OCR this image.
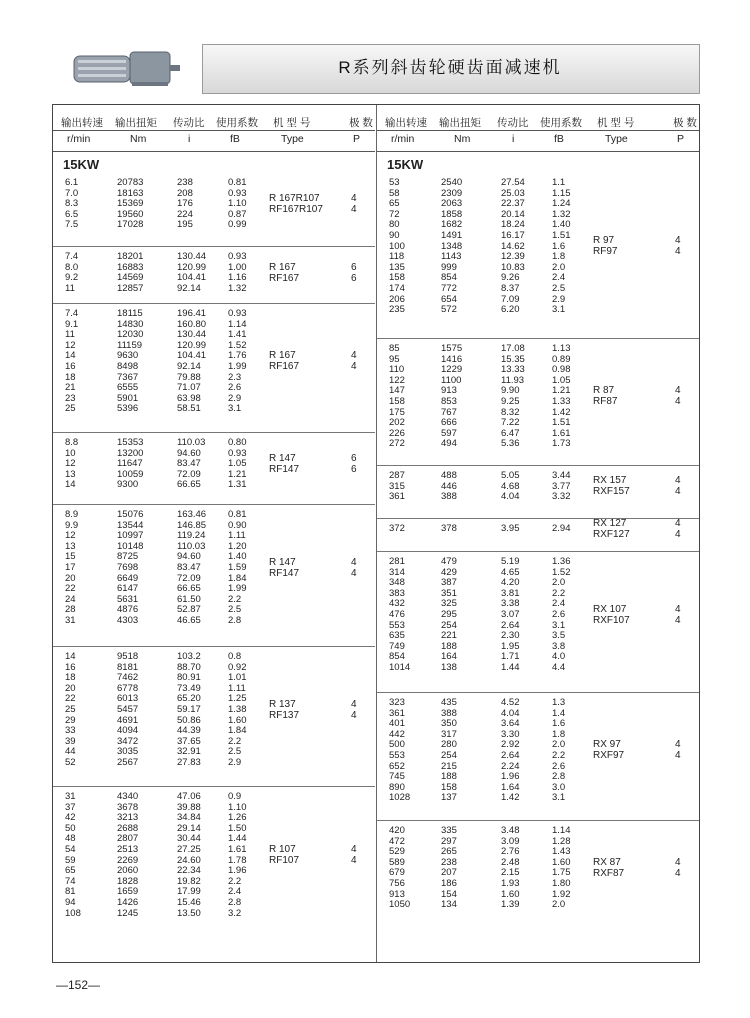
R系列斜齿轮硬齿面减速机
输出转速 输出扭矩 传动比 使用系数 机 型 号	极 数
r/min	Nm	i	fB	Type	P
15KW
6.1	20783	238	0.81
7.0	18163	208	0.93
8.3	15369	176	1.10
6.5	19560	224	0.87
7.5	17028	195	0.99
R 167R107	4
RF167R107	4
7.4	18201	130.44 0.93
8.0	16883	120.99 1.00
9.2	14569	104.41 1.16
11	12857	92.14	1.32
R 167	6
RF167	6
7.4	18115	196.41 0.93
9.1	14830	160.80 1.14
11	12030	130.44 1.41
12	11159	120.99 1.52
14	9630	104.41 1.76
16	8498	92.14	1.99
18	7367	79.88	2.3
21	6555	71.07	2.6
23	5901	63.98	2.9
25	5396	58.51	3.1
R 167	4
RF167	4
8.8	15353	110.03 0.80
10	13200	94.60	0.93
12	11647	83.47	1.05
13	10059	72.09	1.21
14	9300	66.65	1.31
R 147	6
RF147	6
8.9	15076	163.46 0.81
9.9	13544	146.85 0.90
12	10997	119.24 1.11
13	10148	110.03 1.20
15	8725	94.60	1.40
17	7698	83.47	1.59
20	6649	72.09	1.84
22	6147	66.65	1.99
24	5631	61.50	2.2
28	4876	52.87	2.5
31	4303	46.65	2.8
R 147	4
RF147	4
14	9518	103.2	0.8
16	8181	88.70	0.92
18	7462	80.91	1.01
20	6778	73.49	1.11
22	6013	65.20	1.25
25	5457	59.17	1.38
29	4691	50.86	1.60
33	4094	44.39	1.84
39	3472	37.65	2.2
44	3035	32.91	2.5
52	2567	27.83	2.9
R 137	4
RF137	4
31	4340	47.06	0.9
37	3678	39.88	1.10
42	3213	34.84	1.26
50	2688	29.14	1.50
48	2807	30.44	1.44
54	2513	27.25	1.61
59	2269	24.60	1.78
65	2060	22.34	1.96
74	1828	19.82	2.2
81	1659	17.99	2.4
94	1426	15.46	2.8
108	1245	13.50	3.2
R 107	4
RF107	4
输出转速 输出扭矩 传动比 使用系数 机 型 号	极 数
r/min	Nm	i	fB	Type	P
15KW
53	2540	27.54	1.1
58	2309	25.03	1.15
65	2063	22.37	1.24
72	1858	20.14	1.32
80	1682	18.24	1.40
90	1491	16.17	1.51
100	1348	14.62	1.6
118	1143	12.39	1.8
135	999	10.83	2.0
158	854	9.26	2.4
174	772	8.37	2.5
206	654	7.09	2.9
235	572	6.20	3.1
R 97	4
RF97	4
85	1575	17.08	1.13
95	1416	15.35	0.89
110	1229	13.33	0.98
122	1100	11.93	1.05
147	913	9.90	1.21
158	853	9.25	1.33
175	767	8.32	1.42
202	666	7.22	1.51
226	597	6.47	1.61
272	494	5.36	1.73
R 87	4
RF87	4
287	488	5.05	3.44
315	446	4.68	3.77
361	388	4.04	3.32
RX 157	4
RXF157	4
372	378	3.95	2.94 RX 127	4
RXF127	4
281	479	5.19	1.36
314	429	4.65	1.52
348	387	4.20	2.0
383	351	3.81	2.2
432	325	3.38	2.4
476	295	3.07	2.6
553	254	2.64	3.1
635	221	2.30	3.5
749	188	1.95	3.8
854	164	1.71	4.0
1014	138	1.44	4.4
RX 107	4
RXF107	4
323	435	4.52	1.3
361	388	4.04	1.4
401	350	3.64	1.6
442	317	3.30	1.8
500	280	2.92	2.0
553	254	2.64	2.2
652	215	2.24	2.6
745	188	1.96	2.8
890	158	1.64	3.0
1028	137	1.42	3.1
RX 97	4
RXF97	4
420	335	3.48	1.14
472	297	3.09	1.28
529	265	2.76	1.43
589	238	2.48	1.60
679	207	2.15	1.75
756	186	1.93	1.80
913	154	1.60	1.92
1050	134	1.39	2.0
RX 87	4
RXF87	4
—152—
